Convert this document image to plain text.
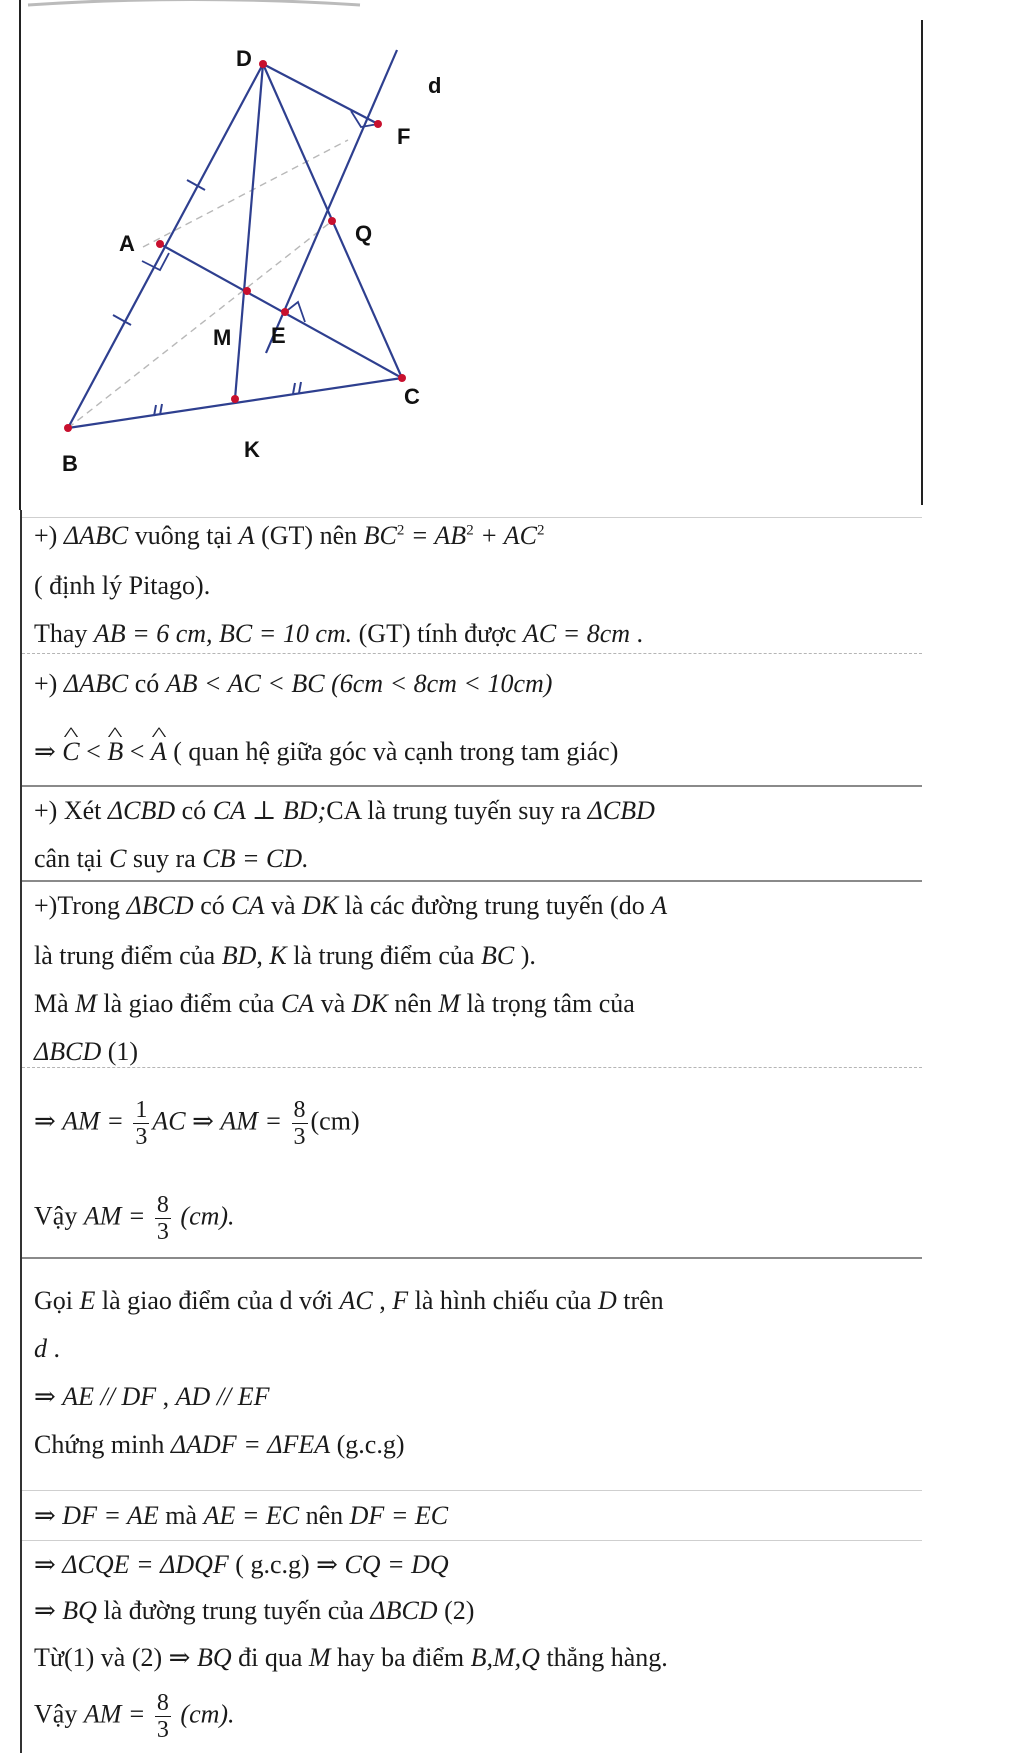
D
d
F
A	Q
M E
C
B
K
+) ΔABC vuông tại A (GT) nên $BC^2 = AB^2 + AC^2$
( định lý Pitago).
Thay AB = 6 cm, BC = 10 cm. (GT) tính được AC = 8cm .
+) ΔABC có AB < AC < BC (6cm < 8cm < 10cm)
⇒ ^ C < ^ B < ^ A ( quan hệ giữa góc và cạnh trong tam giác)
+) Xét ΔCBD có CA ⊥ BD;CA là trung tuyến suy ra ΔCBD
cân tại C suy ra CB = CD.
+)Trong ΔBCD có CA và DK là các đường trung tuyến (do A
là trung điểm của BD, K là trung điểm của BC ).
Mà M là giao điểm của CA và DK nên M là trọng tâm của
ΔBCD (1)
⇒ AM = $\frac{1}{3}$ AC ⇒ AM = $\frac{8}{3} (cm)$
Vậy AM = $\frac{8}{3} (cm)$.
Gọi E là giao điểm của d với AC , F là hình chiếu của D trên
d .
⇒ AE // DF , AD // EF
Chứng minh ΔADF = ΔFEA (g.c.g)
⇒ DF = AE mà AE = EC nên DF = EC
⇒ ΔCQE = ΔDQF ( g.c.g) ⇒ CQ = DQ
⇒ BQ là đường trung tuyến của ΔBCD (2)
Từ(1) và (2) ⇒ BQ đi qua M hay ba điểm B,M,Q thẳng hàng.
Vậy AM = $\frac{8}{3} (cm)$.
